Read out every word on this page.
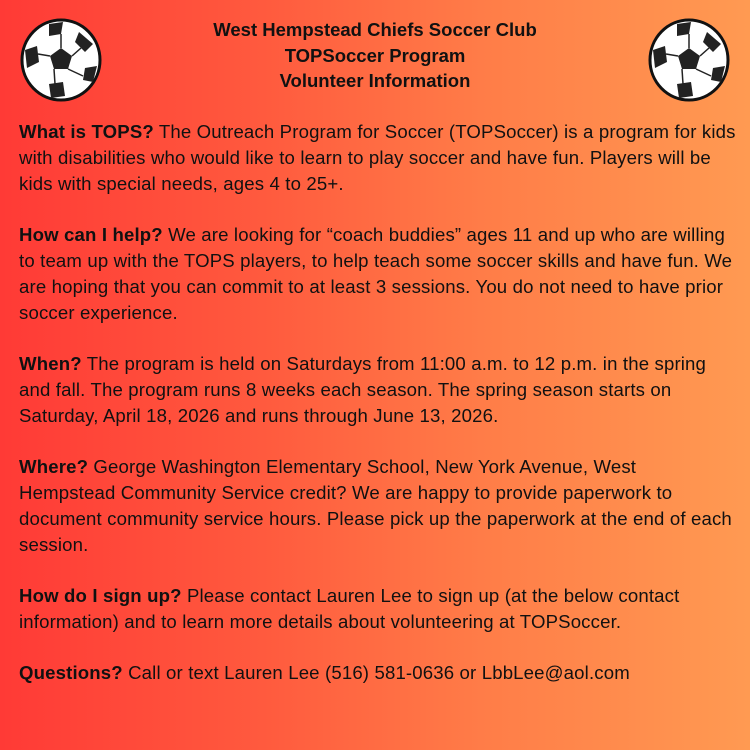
West Hempstead Chiefs Soccer Club
TOPSoccer Program
Volunteer Information

What is TOPS? The Outreach Program for Soccer (TOPSoccer) is a program for kids with disabilities who would like to learn to play soccer and have fun. Players will be kids with special needs, ages 4 to 25+.

How can I help? We are looking for “coach buddies” ages 11 and up who are willing to team up with the TOPS players, to help teach some soccer skills and have fun. We are hoping that you can commit to at least 3 sessions. You do not need to have prior soccer experience.

When? The program is held on Saturdays from 11:00 a.m. to 12 p.m. in the spring and fall. The program runs 8 weeks each season. The spring season starts on Saturday, April 18, 2026 and runs through June 13, 2026.

Where? George Washington Elementary School, New York Avenue, West Hempstead Community Service credit? We are happy to provide paperwork to document community service hours. Please pick up the paperwork at the end of each session.

How do I sign up? Please contact Lauren Lee to sign up (at the below contact information) and to learn more details about volunteering at TOPSoccer.

Questions? Call or text Lauren Lee (516) 581-0636 or LbbLee@aol.com
